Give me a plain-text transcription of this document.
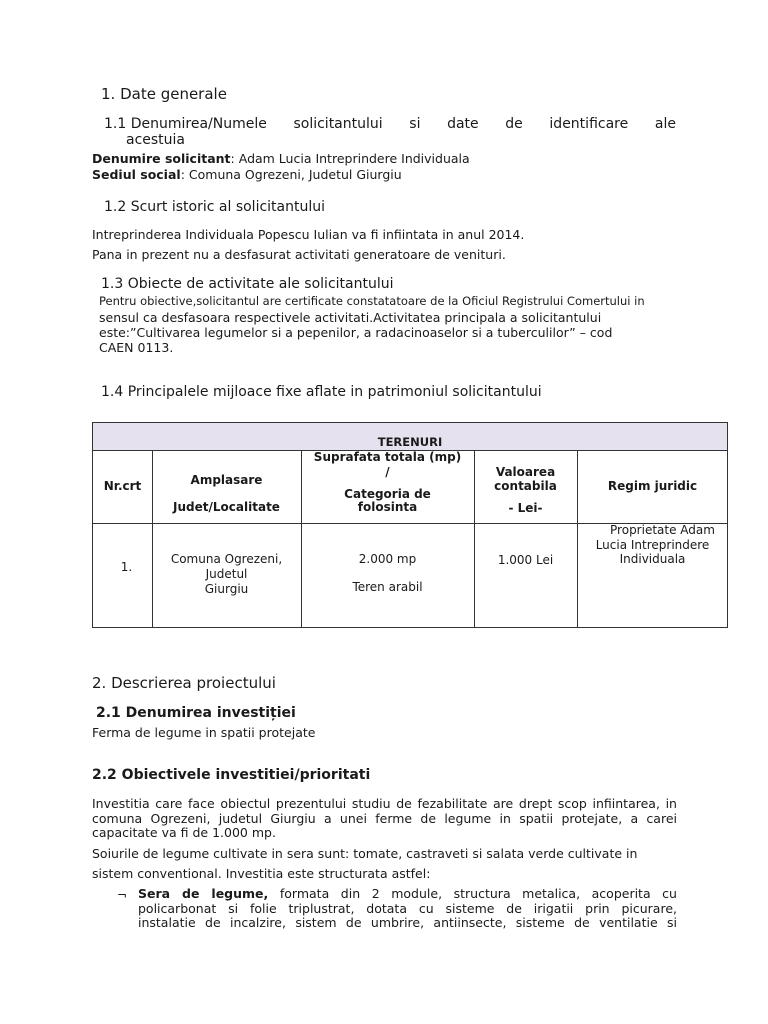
1. Date generale
1.1 Denumirea/Numele solicitantului si date de identificare ale
acestuia
Denumire solicitant: Adam Lucia Intreprindere Individuala
Sediul social: Comuna Ogrezeni, Judetul Giurgiu
1.2 Scurt istoric al solicitantului
Intreprinderea Individuala Popescu Iulian va fi infiintata in anul 2014.
Pana in prezent nu a desfasurat activitati generatoare de venituri.
1.3 Obiecte de activitate ale solicitantului
Pentru obiective,solicitantul are certificate constatatoare de la Oficiul Registrului Comertului in
sensul ca desfasoara respectivele activitati.Activitatea principala a solicitantului
este:”Cultivarea legumelor si a pepenilor, a radacinoaselor si a tuberculilor” – cod
CAEN 0113.
1.4 Principalele mijloace fixe aflate in patrimoniul solicitantului
TERENURI
Nr.crt	Amplasare
Judet/Localitate
Suprafata totala (mp)
/
Categoria de
folosinta
Valoarea
contabila
- Lei-
Regim juridic
1.
Comuna Ogrezeni,
Judetul
Giurgiu
2.000 mp
Teren arabil
1.000 Lei
Proprietate Adam
Lucia Intreprindere
Individuala
2. Descrierea proiectului
2.1 Denumirea investiției
Ferma de legume in spatii protejate
2.2 Obiectivele investitiei/prioritati
Investitia care face obiectul prezentului studiu de fezabilitate are drept scop infiintarea, in
comuna Ogrezeni, judetul Giurgiu a unei ferme de legume in spatii protejate, a carei
capacitate va fi de 1.000 mp.
Soiurile de legume cultivate in sera sunt: tomate, castraveti si salata verde cultivate in
sistem conventional. Investitia este structurata astfel:
¬ Sera de legume, formata din 2 module, structura metalica, acoperita cu
policarbonat si folie triplustrat, dotata cu sisteme de irigatii prin picurare,
instalatie de incalzire, sistem de umbrire, antiinsecte, sisteme de ventilatie si
